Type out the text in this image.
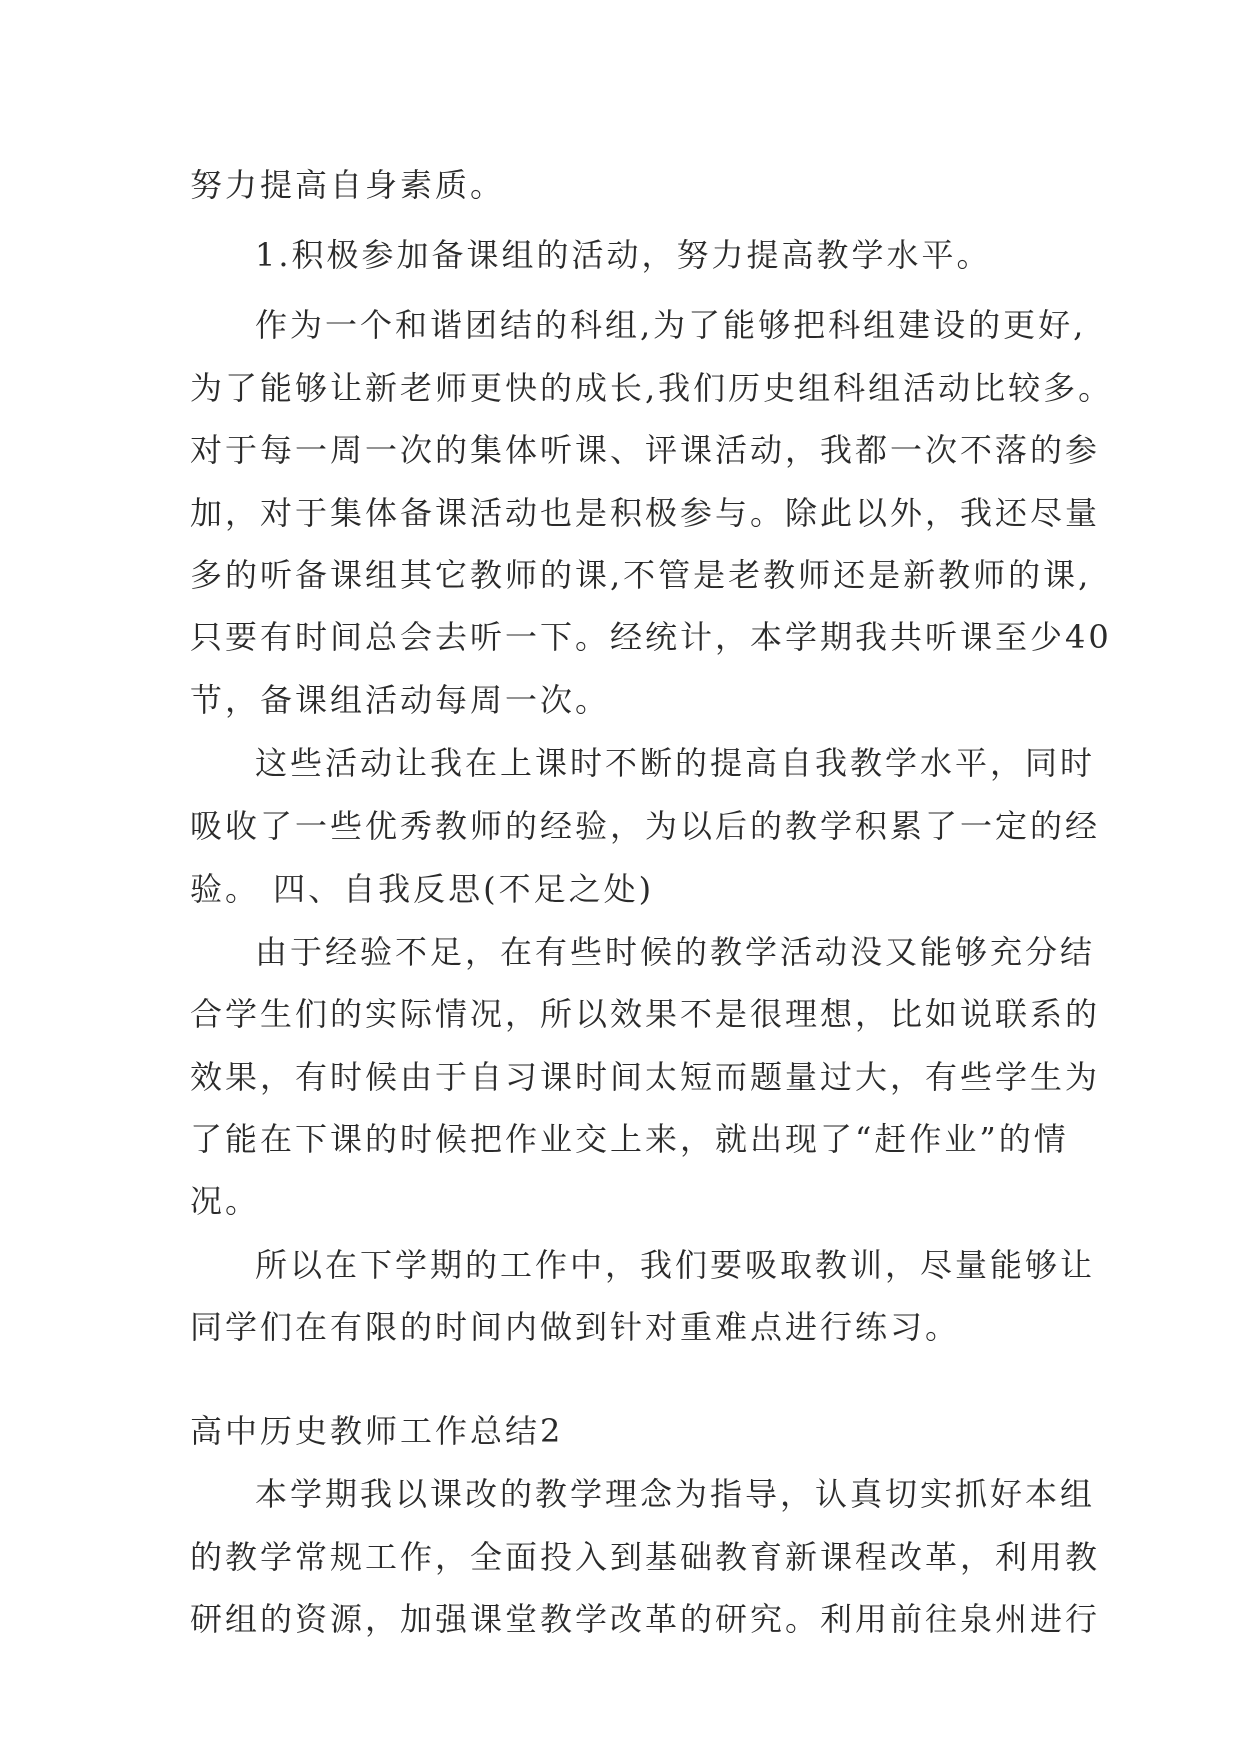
努力提高自身素质。
1.积极参加备课组的活动，努力提高教学水平。
作为一个和谐团结的科组,为了能够把科组建设的更好,
为了能够让新老师更快的成长,我们历史组科组活动比较多。
对于每一周一次的集体听课、评课活动，我都一次不落的参
加，对于集体备课活动也是积极参与。除此以外，我还尽量
多的听备课组其它教师的课,不管是老教师还是新教师的课,
只要有时间总会去听一下。经统计，本学期我共听课至少40
节，备课组活动每周一次。
这些活动让我在上课时不断的提高自我教学水平，同时
吸收了一些优秀教师的经验，为以后的教学积累了一定的经
验。 四、自我反思(不足之处)
由于经验不足，在有些时候的教学活动没又能够充分结
合学生们的实际情况，所以效果不是很理想，比如说联系的
效果，有时候由于自习课时间太短而题量过大，有些学生为
了能在下课的时候把作业交上来，就出现了“赶作业”的情
况。
所以在下学期的工作中，我们要吸取教训，尽量能够让
同学们在有限的时间内做到针对重难点进行练习。
高中历史教师工作总结2
本学期我以课改的教学理念为指导，认真切实抓好本组
的教学常规工作，全面投入到基础教育新课程改革，利用教
研组的资源，加强课堂教学改革的研究。利用前往泉州进行
